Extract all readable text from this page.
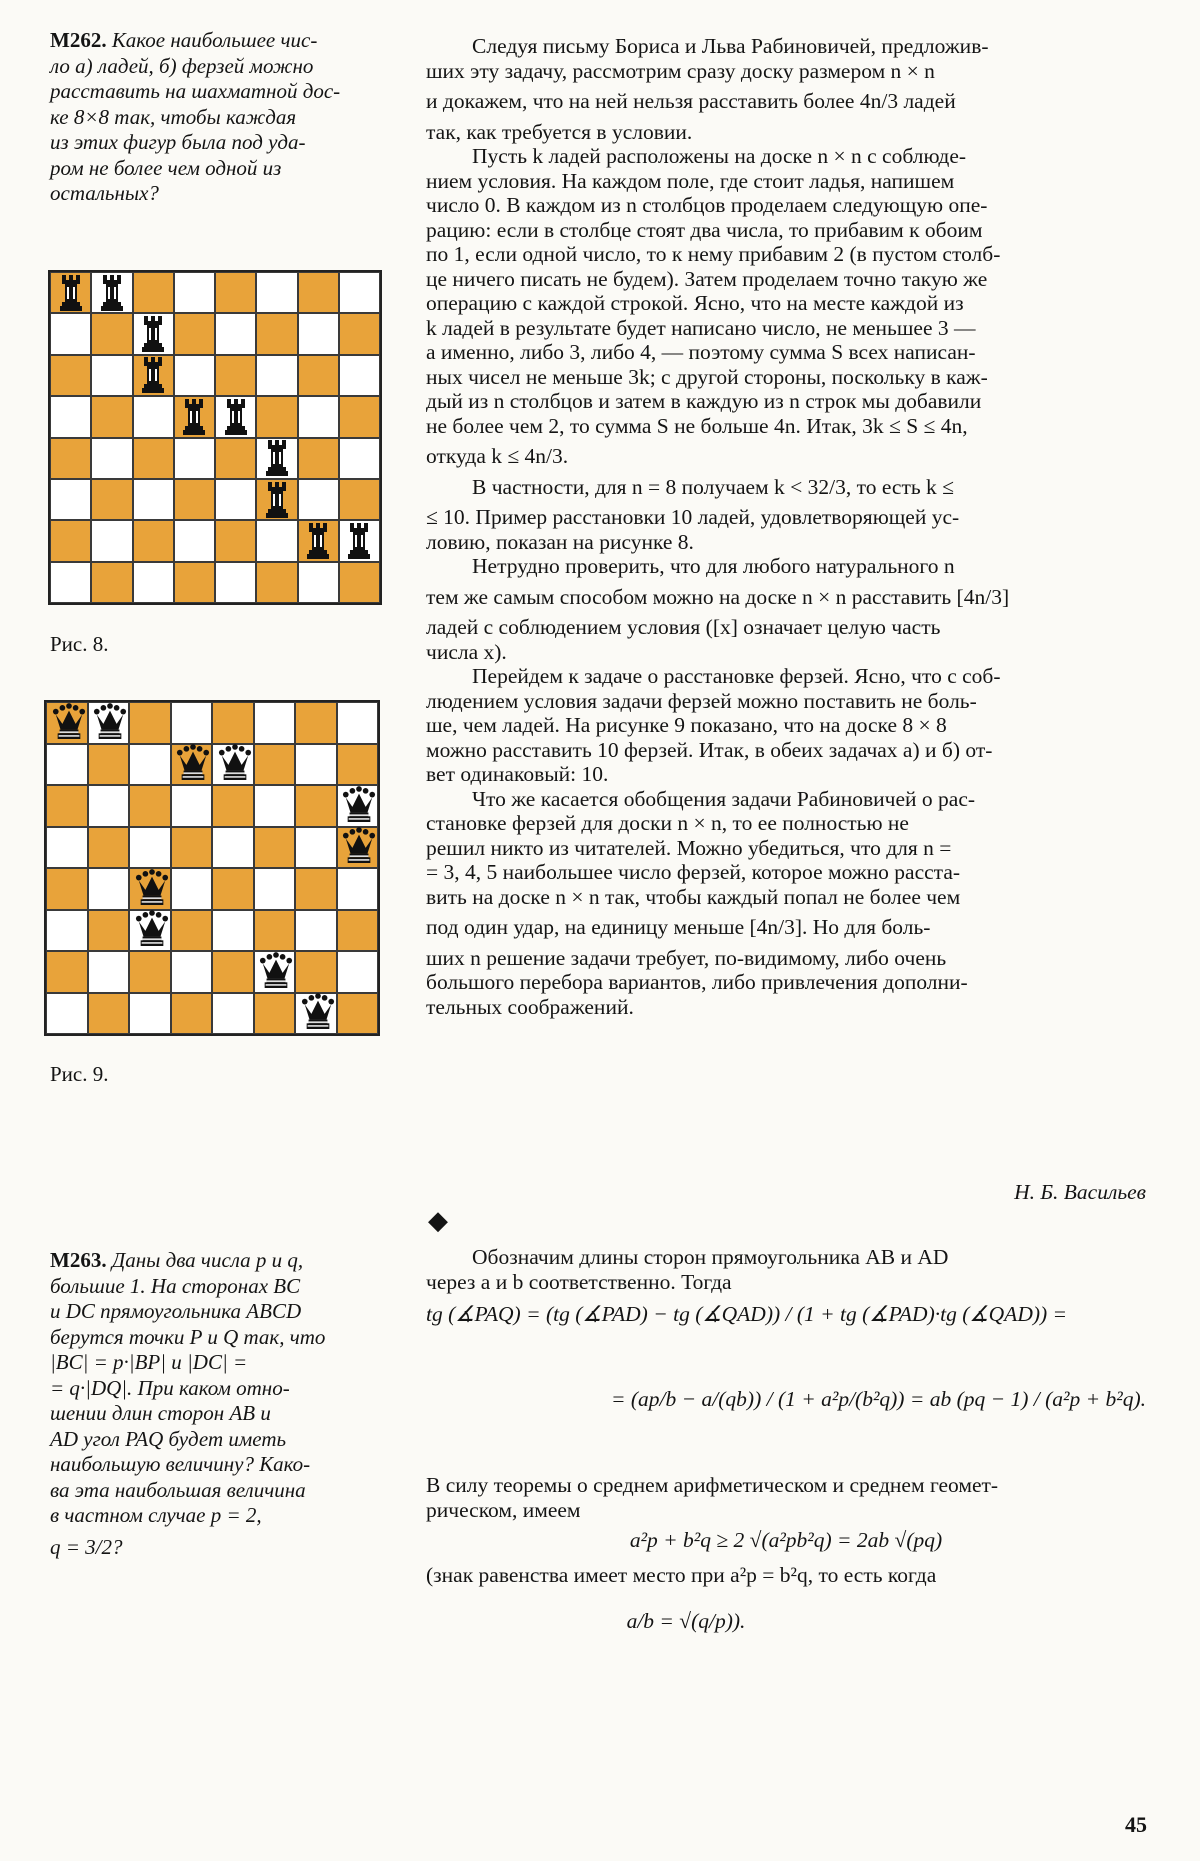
М262. Какое наибольшее чис-

ло а) ладей, б) ферзей можно

расставить на шахматной дос-

ке 8×8 так, чтобы каждая

из этих фигур была под уда-

ром не более чем одной из

остальных?

Рис. 8.
Рис. 9.

Следуя письму Бориса и Льва Рабиновичей, предложив-

ших эту задачу, рассмотрим сразу доску размером n × n

и докажем, что на ней нельзя расставить более 4n/3 ладей

так, как требуется в условии.

Пусть k ладей расположены на доске n × n с соблюде-

нием условия. На каждом поле, где стоит ладья, напишем

число 0. В каждом из n столбцов проделаем следующую опе-

рацию: если в столбце стоят два числа, то прибавим к обоим

по 1, если одной число, то к нему прибавим 2 (в пустом столб-

це ничего писать не будем). Затем проделаем точно такую же

операцию с каждой строкой. Ясно, что на месте каждой из

k ладей в результате будет написано число, не меньшее 3 —

а именно, либо 3, либо 4, — поэтому сумма S всех написан-

ных чисел не меньше 3k; с другой стороны, поскольку в каж-

дый из n столбцов и затем в каждую из n строк мы добавили

не более чем 2, то сумма S не больше 4n. Итак, 3k ≤ S ≤ 4n,

откуда k ≤ 4n/3.

В частности, для n = 8 получаем k < 32/3, то есть k ≤

≤ 10. Пример расстановки 10 ладей, удовлетворяющей ус-

ловию, показан на рисунке 8.

Нетрудно проверить, что для любого натурального n

тем же самым способом можно на доске n × n расставить [4n/3]

ладей с соблюдением условия ([x] означает целую часть

числа x).

Перейдем к задаче о расстановке ферзей. Ясно, что с соб-

людением условия задачи ферзей можно поставить не боль-

ше, чем ладей. На рисунке 9 показано, что на доске 8 × 8

можно расставить 10 ферзей. Итак, в обеих задачах а) и б) от-

вет одинаковый: 10.

Что же касается обобщения задачи Рабиновичей о рас-

становке ферзей для доски n × n, то ее полностью не

решил никто из читателей. Можно убедиться, что для n =

= 3, 4, 5 наибольшее число ферзей, которое можно расста-

вить на доске n × n так, чтобы каждый попал не более чем

под один удар, на единицу меньше [4n/3]. Но для боль-

ших n решение задачи требует, по-видимому, либо очень

большого перебора вариантов, либо привлечения дополни-

тельных соображений.

Н. Б. Васильев
◆

М263. Даны два числа p и q,

большие 1. На сторонах BC

и DC прямоугольника ABCD

берутся точки P и Q так, что

|BC| = p·|BP| и |DC| =

= q·|DQ|. При каком отно-

шении длин сторон AB и

AD угол PAQ будет иметь

наибольшую величину? Како-

ва эта наибольшая величина

в частном случае p = 2,

q = 3/2?

Обозначим длины сторон прямоугольника AB и AD

через a и b соответственно. Тогда

tg (∡PAQ) = (tg (∡PAD) − tg (∡QAD)) / (1 + tg (∡PAD)·tg (∡QAD)) =

= (ap/b − a/(qb)) / (1 + a²p/(b²q)) = ab (pq − 1) / (a²p + b²q).

В силу теоремы о среднем арифметическом и среднем геомет-

рическом, имеем

a²p + b²q ≥ 2 √(a²pb²q) = 2ab √(pq)

(знак равенства имеет место при a²p = b²q, то есть когда

a/b = √(q/p)).

45
